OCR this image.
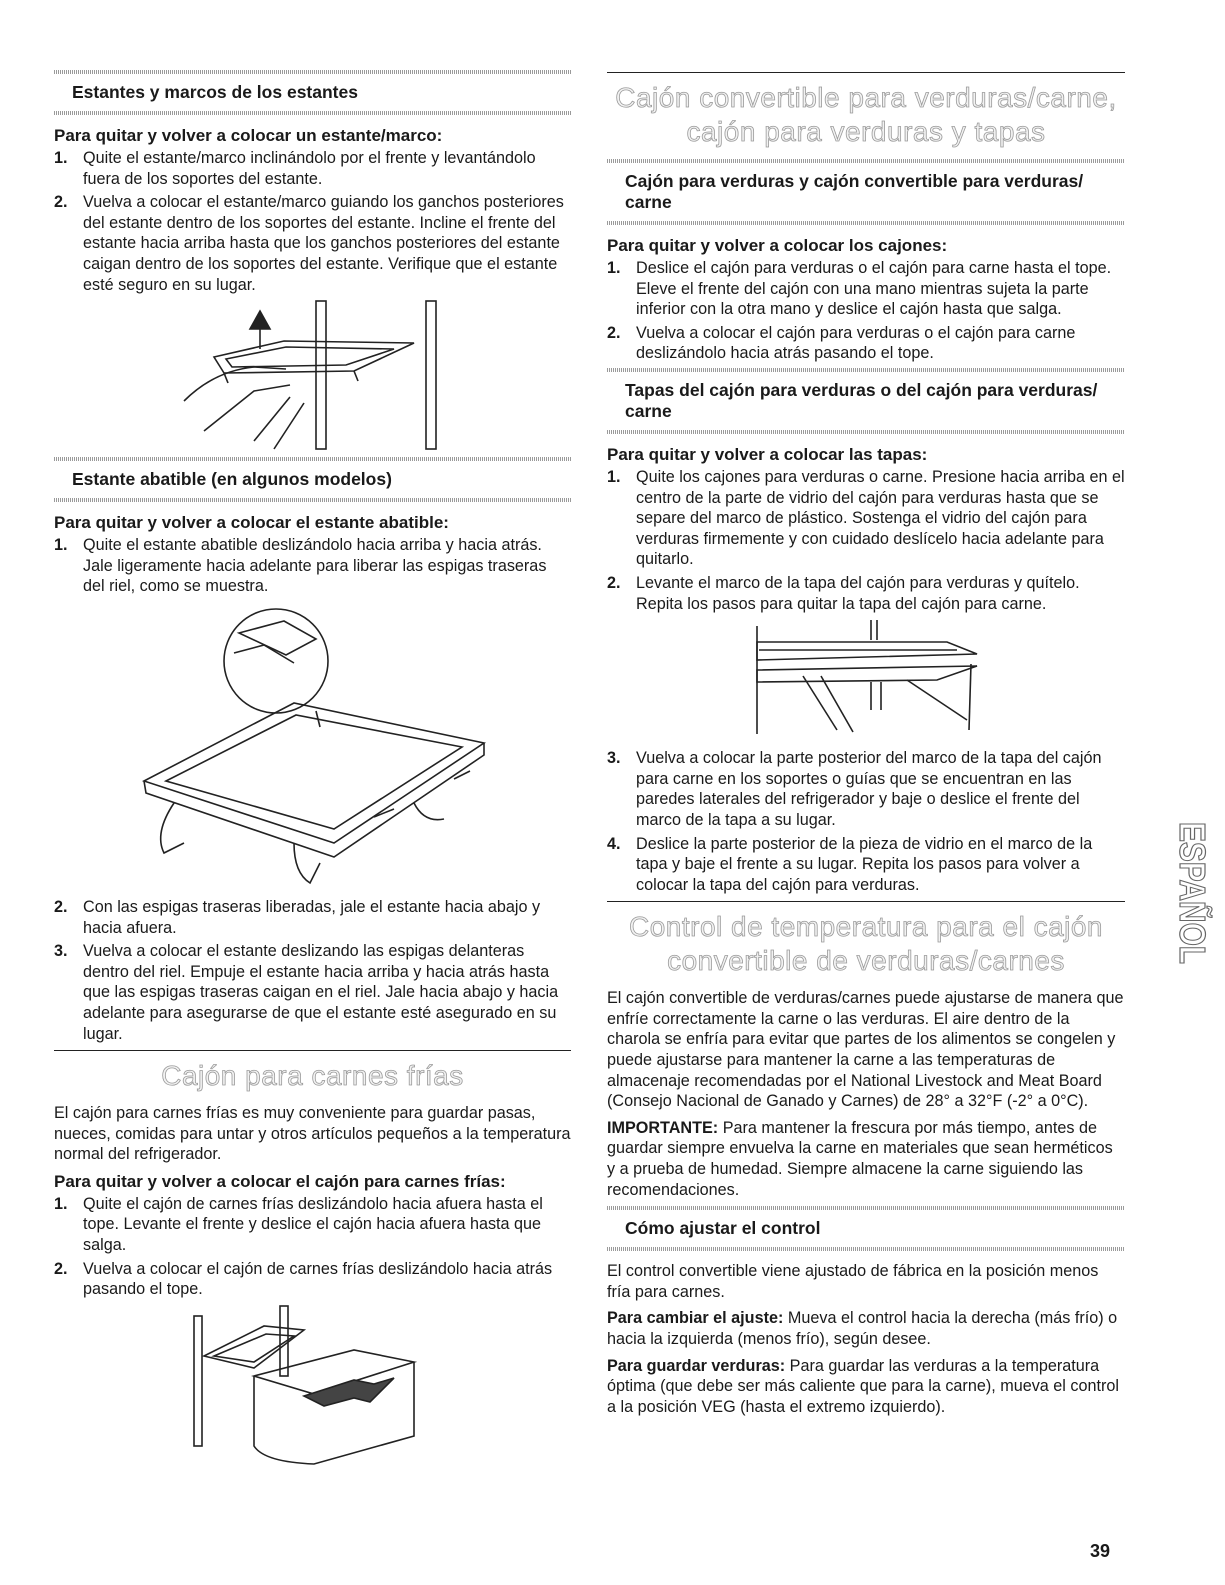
Estantes y marcos de los estantes
Para quitar y volver a colocar un estante/marco:
1. Quite el estante/marco inclinándolo por el frente y levantándolo fuera de los soportes del estante.
2. Vuelva a colocar el estante/marco guiando los ganchos posteriores del estante dentro de los soportes del estante. Incline el frente del estante hacia arriba hasta que los ganchos posteriores del estante caigan dentro de los soportes del estante. Verifique que el estante esté seguro en su lugar.
Estante abatible (en algunos modelos)
Para quitar y volver a colocar el estante abatible:
1. Quite el estante abatible deslizándolo hacia arriba y hacia atrás. Jale ligeramente hacia adelante para liberar las espigas traseras del riel, como se muestra.
2. Con las espigas traseras liberadas, jale el estante hacia abajo y hacia afuera.
3. Vuelva a colocar el estante deslizando las espigas delanteras dentro del riel. Empuje el estante hacia arriba y hacia atrás hasta que las espigas traseras caigan en el riel. Jale hacia abajo y hacia adelante para asegurarse de que el estante esté asegurado en su lugar.
Cajón para carnes frías

El cajón para carnes frías es muy conveniente para guardar pasas, nueces, comidas para untar y otros artículos pequeños a la temperatura normal del refrigerador.

Para quitar y volver a colocar el cajón para carnes frías:
1. Quite el cajón de carnes frías deslizándolo hacia afuera hasta el tope. Levante el frente y deslice el cajón hacia afuera hasta que salga.
2. Vuelva a colocar el cajón de carnes frías deslizándolo hacia atrás pasando el tope.
Cajón convertible para verduras/carne,
cajón para verduras y tapas
Cajón para verduras y cajón convertible para verduras/ carne
Para quitar y volver a colocar los cajones:
1. Deslice el cajón para verduras o el cajón para carne hasta el tope. Eleve el frente del cajón con una mano mientras sujeta la parte inferior con la otra mano y deslice el cajón hasta que salga.
2. Vuelva a colocar el cajón para verduras o el cajón para carne deslizándolo hacia atrás pasando el tope.
Tapas del cajón para verduras o del cajón para verduras/ carne
Para quitar y volver a colocar las tapas:
1. Quite los cajones para verduras o carne. Presione hacia arriba en el centro de la parte de vidrio del cajón para verduras hasta que se separe del marco de plástico. Sostenga el vidrio del cajón para verduras firmemente y con cuidado deslícelo hacia adelante para quitarlo.
2. Levante el marco de la tapa del cajón para verduras y quítelo. Repita los pasos para quitar la tapa del cajón para carne.
3. Vuelva a colocar la parte posterior del marco de la tapa del cajón para carne en los soportes o guías que se encuentran en las paredes laterales del refrigerador y baje o deslice el frente del marco de la tapa a su lugar.
4. Deslice la parte posterior de la pieza de vidrio en el marco de la tapa y baje el frente a su lugar. Repita los pasos para volver a colocar la tapa del cajón para verduras.
Control de temperatura para el cajón
convertible de verduras/carnes

El cajón convertible de verduras/carnes puede ajustarse de manera que enfríe correctamente la carne o las verduras. El aire dentro de la charola se enfría para evitar que partes de los alimentos se congelen y puede ajustarse para mantener la carne a las temperaturas de almacenaje recomendadas por el National Livestock and Meat Board (Consejo Nacional de Ganado y Carnes) de 28° a 32°F (-2° a 0°C).

IMPORTANTE: Para mantener la frescura por más tiempo, antes de guardar siempre envuelva la carne en materiales que sean herméticos y a prueba de humedad. Siempre almacene la carne siguiendo las recomendaciones.

Cómo ajustar el control

El control convertible viene ajustado de fábrica en la posición menos fría para carnes.

Para cambiar el ajuste: Mueva el control hacia la derecha (más frío) o hacia la izquierda (menos frío), según desee.

Para guardar verduras: Para guardar las verduras a la temperatura óptima (que debe ser más caliente que para la carne), mueva el control a la posición VEG (hasta el extremo izquierdo).

ESPAÑOL
39
